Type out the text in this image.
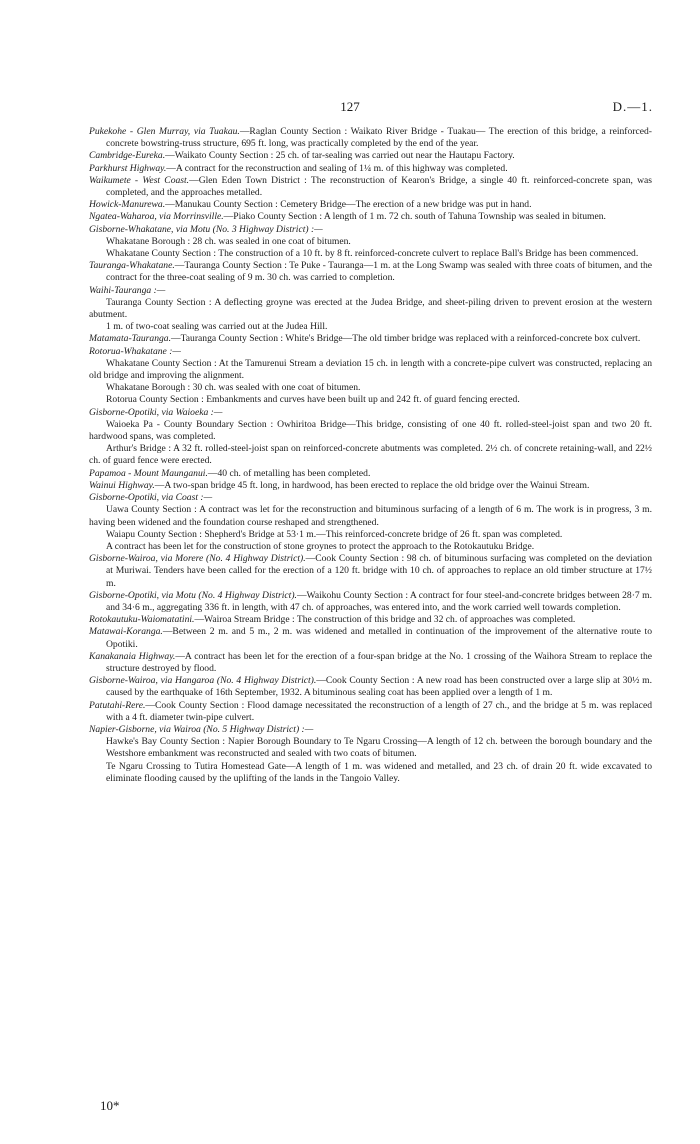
127	D.—1.

Pukekohe - Glen Murray, via Tuakau.—Raglan County Section : Waikato River Bridge - Tuakau— The erection of this bridge, a reinforced-concrete bowstring-truss structure, 695 ft. long, was practically completed by the end of the year.

Cambridge-Eureka.—Waikato County Section : 25 ch. of tar-sealing was carried out near the Hautapu Factory.

Parkhurst Highway.—A contract for the reconstruction and sealing of 1¼ m. of this highway was completed.

Waikumete - West Coast.—Glen Eden Town District : The reconstruction of Kearon's Bridge, a single 40 ft. reinforced-concrete span, was completed, and the approaches metalled.

Howick-Manurewa.—Manukau County Section : Cemetery Bridge—The erection of a new bridge was put in hand.

Ngatea-Waharoa, via Morrinsville.—Piako County Section : A length of 1 m. 72 ch. south of Tahuna Township was sealed in bitumen.

Gisborne-Whakatane, via Motu (No. 3 Highway District) :—

Whakatane Borough : 28 ch. was sealed in one coat of bitumen.

Whakatane County Section : The construction of a 10 ft. by 8 ft. reinforced-concrete culvert to replace Ball's Bridge has been commenced.

Tauranga-Whakatane.—Tauranga County Section : Te Puke - Tauranga—1 m. at the Long Swamp was sealed with three coats of bitumen, and the contract for the three-coat sealing of 9 m. 30 ch. was carried to completion.

Waihi-Tauranga :—

Tauranga County Section : A deflecting groyne was erected at the Judea Bridge, and sheet-piling driven to prevent erosion at the western abutment.

1 m. of two-coat sealing was carried out at the Judea Hill.

Matamata-Tauranga.—Tauranga County Section : White's Bridge—The old timber bridge was replaced with a reinforced-concrete box culvert.

Rotorua-Whakatane :—

Whakatane County Section : At the Tamurenui Stream a deviation 15 ch. in length with a concrete-pipe culvert was constructed, replacing an old bridge and improving the alignment.

Whakatane Borough : 30 ch. was sealed with one coat of bitumen.

Rotorua County Section : Embankments and curves have been built up and 242 ft. of guard fencing erected.

Gisborne-Opotiki, via Waioeka :—

Waioeka Pa - County Boundary Section : Owhiritoa Bridge—This bridge, consisting of one 40 ft. rolled-steel-joist span and two 20 ft. hardwood spans, was completed.

Arthur's Bridge : A 32 ft. rolled-steel-joist span on reinforced-concrete abutments was completed. 2½ ch. of concrete retaining-wall, and 22½ ch. of guard fence were erected.

Papamoa - Mount Maunganui.—40 ch. of metalling has been completed.

Wainui Highway.—A two-span bridge 45 ft. long, in hardwood, has been erected to replace the old bridge over the Wainui Stream.

Gisborne-Opotiki, via Coast :—

Uawa County Section : A contract was let for the reconstruction and bituminous surfacing of a length of 6 m. The work is in progress, 3 m. having been widened and the foundation course reshaped and strengthened.

Waiapu County Section : Shepherd's Bridge at 53·1 m.—This reinforced-concrete bridge of 26 ft. span was completed.

A contract has been let for the construction of stone groynes to protect the approach to the Rotokautuku Bridge.

Gisborne-Wairoa, via Morere (No. 4 Highway District).—Cook County Section : 98 ch. of bituminous surfacing was completed on the deviation at Muriwai. Tenders have been called for the erection of a 120 ft. bridge with 10 ch. of approaches to replace an old timber structure at 17½ m.

Gisborne-Opotiki, via Motu (No. 4 Highway District).—Waikohu County Section : A contract for four steel-and-concrete bridges between 28·7 m. and 34·6 m., aggregating 336 ft. in length, with 47 ch. of approaches, was entered into, and the work carried well towards completion.

Rotokautuku-Waiomatatini.—Wairoa Stream Bridge : The construction of this bridge and 32 ch. of approaches was completed.

Matawai-Koranga.—Between 2 m. and 5 m., 2 m. was widened and metalled in continuation of the improvement of the alternative route to Opotiki.

Kanakanaia Highway.—A contract has been let for the erection of a four-span bridge at the No. 1 crossing of the Waihora Stream to replace the structure destroyed by flood.

Gisborne-Wairoa, via Hangaroa (No. 4 Highway District).—Cook County Section : A new road has been constructed over a large slip at 30½ m. caused by the earthquake of 16th September, 1932. A bituminous sealing coat has been applied over a length of 1 m.

Patutahi-Rere.—Cook County Section : Flood damage necessitated the reconstruction of a length of 27 ch., and the bridge at 5 m. was replaced with a 4 ft. diameter twin-pipe culvert.

Napier-Gisborne, via Wairoa (No. 5 Highway District) :—

Hawke's Bay County Section : Napier Borough Boundary to Te Ngaru Crossing—A length of 12 ch. between the borough boundary and the Westshore embankment was reconstructed and sealed with two coats of bitumen.

Te Ngaru Crossing to Tutira Homestead Gate—A length of 1 m. was widened and metalled, and 23 ch. of drain 20 ft. wide excavated to eliminate flooding caused by the uplifting of the lands in the Tangoio Valley.

10*
